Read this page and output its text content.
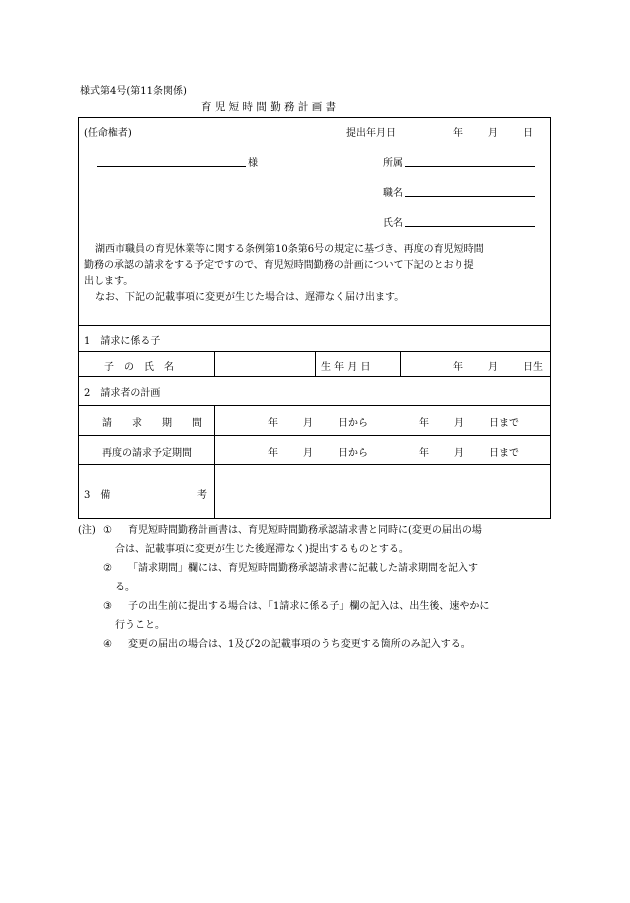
様式第4号(第11条関係)
育 児 短 時 間 勤 務 計 画 書
(任命権者)	提出年月日	年	月	日
様	所属
職名
氏名
湖西市職員の育児休業等に関する条例第10条第6号の規定に基づき、再度の育児短時間
勤務の承認の請求をする予定ですので、育児短時間勤務の計画について下記のとおり提
出します。
なお、下記の記載事項に変更が生じた場合は、遅滞なく届け出ます。
1　請求に係る子
子　の　氏　名	生 年 月 日	年	月	日生
2　請求者の計画
請　　求　　期　　間	年	月	日から	年	月	日まで
再度の請求予定期間	年	月	日から	年	月	日まで
3　備	考
(注) ① 育児短時間勤務計画書は、育児短時間勤務承認請求書と同時に(変更の届出の場
合は、記載事項に変更が生じた後遅滞なく)提出するものとする。
② 「請求期間」欄には、育児短時間勤務承認請求書に記載した請求期間を記入す
る。
③ 子の出生前に提出する場合は、「1請求に係る子」欄の記入は、出生後、速やかに
行うこと。
④ 変更の届出の場合は、1及び2の記載事項のうち変更する箇所のみ記入する。
